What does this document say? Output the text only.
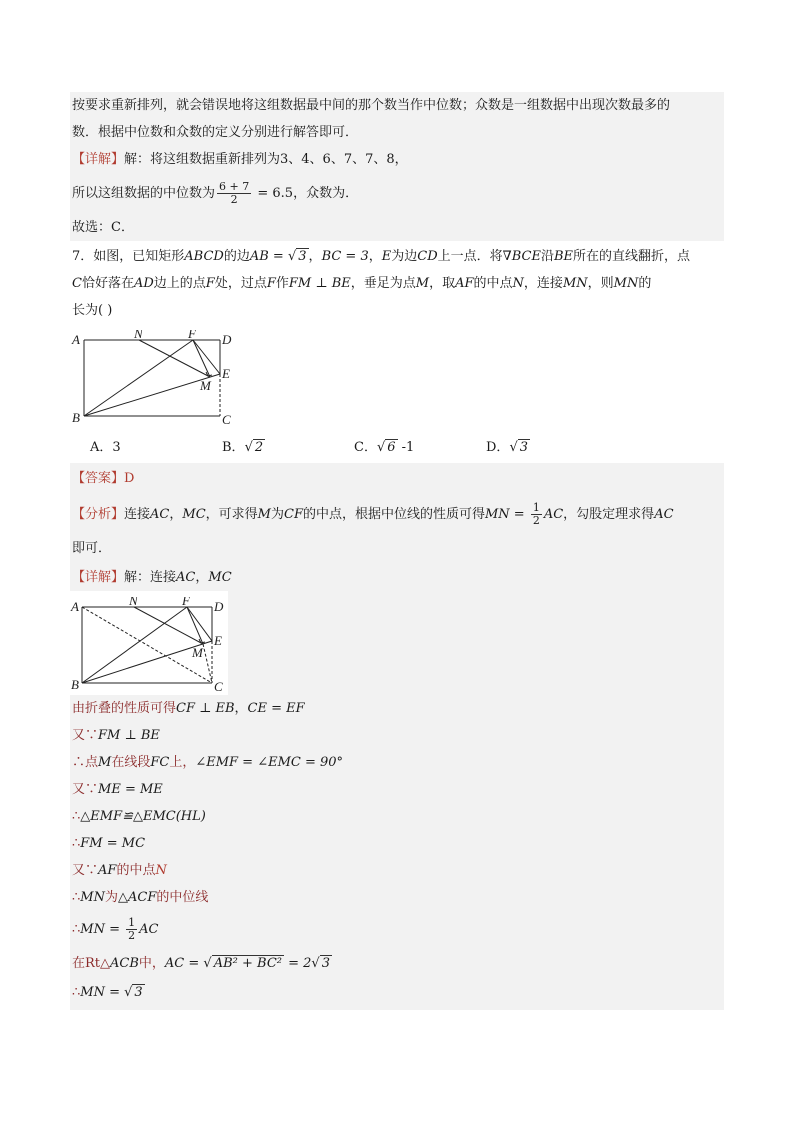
按要求重新排列，就会错误地将这组数据最中间的那个数当作中位数；众数是一组数据中出现次数最多的
数．根据中位数和众数的定义分别进行解答即可．
【详解】解：将这组数据重新排列为3、4、6、7、7、8，
所以这组数据的中位数为 $\frac{6 + 7}{2} = 6.5$，众数为．
故选：C．
7．如图，已知矩形ABCD的边AB = √ 3 ，BC = 3，E为边CD上一点．将∇BCE沿BE所在的直线翻折，点
C恰好落在AD边上的点F处，过点F作FM ⊥ BE，垂足为点M，取AF的中点N，连接MN，则MN的
长为( )
A
B	C
D
E
F
M
N
A．3	B．√ 2	C．√ 6 -1	D．√ 3
【答案】D
【分析】连接AC，MC，可求得M为CF的中点，根据中位线的性质可得MN = $\frac{1}{2}$ AC，勾股定理求得AC
即可．
【详解】解：连接AC，MC
A
B	C
D
E
F
M
N
由折叠的性质可得CF ⊥ EB，CE = EF
又∵FM ⊥ BE
∴点M在线段FC上，∠EMF = ∠EMC = 90°
又∵ME = ME
∴△EMF≌△EMC(HL)
∴FM = MC
又∵AF的中点N
∴MN为△ACF的中位线
∴MN = $\frac{1}{2}$ AC
在Rt△ACB中，AC = √ AB² + BC² = 2√ 3
∴MN = √ 3
